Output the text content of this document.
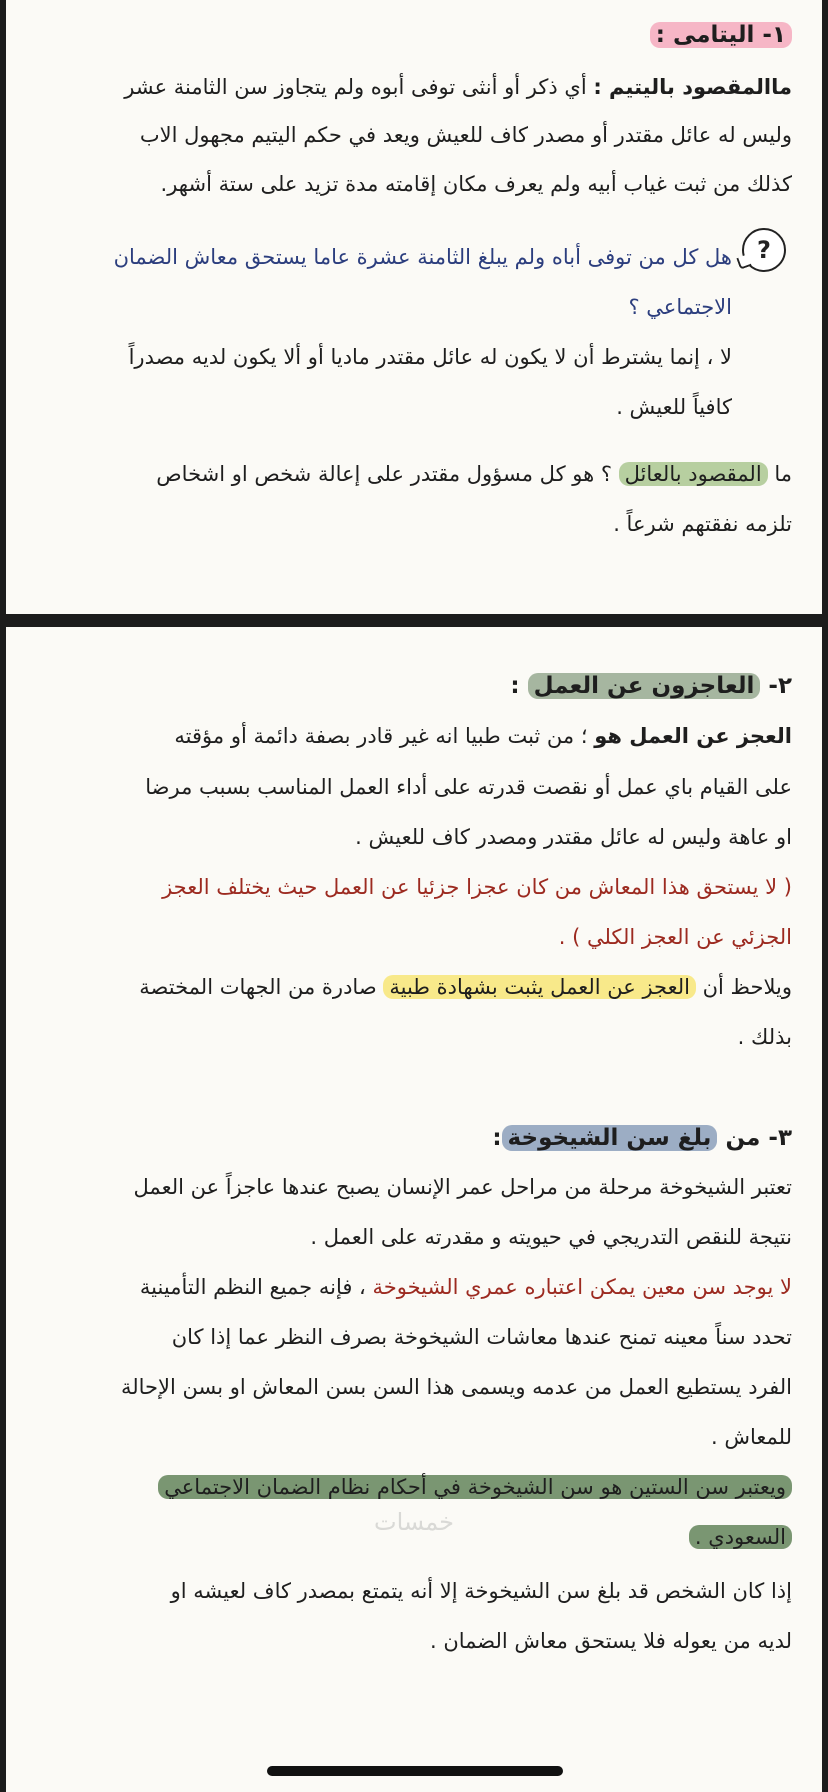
١- اليتامى :
ماالمقصود باليتيم : أي ذكر أو أنثى توفى أبوه ولم يتجاوز سن الثامنة عشر
وليس له عائل مقتدر أو مصدر كاف للعيش ويعد في حكم اليتيم مجهول الاب
كذلك من ثبت غياب أبيه ولم يعرف مكان إقامته مدة تزيد على ستة أشهر.
?
هل كل من توفى أباه ولم يبلغ الثامنة عشرة عاما يستحق معاش الضمان
الاجتماعي ؟
لا ، إنما يشترط أن لا يكون له عائل مقتدر ماديا أو ألا يكون لديه مصدراً
كافياً للعيش .
ما المقصود بالعائل ؟ هو كل مسؤول مقتدر على إعالة شخص او اشخاص
تلزمه نفقتهم شرعاً .
٢- العاجزون عن العمل :
العجز عن العمل هو ؛ من ثبت طبيا انه غير قادر بصفة دائمة أو مؤقته
على القيام باي عمل أو نقصت قدرته على أداء العمل المناسب بسبب مرضا
او عاهة وليس له عائل مقتدر ومصدر كاف للعيش .
( لا يستحق هذا المعاش من كان عجزا جزئيا عن العمل حيث يختلف العجز
الجزئي عن العجز الكلي ) .
ويلاحظ أن العجز عن العمل يثبت بشهادة طبية صادرة من الجهات المختصة
بذلك .
٣- من بلغ سن الشيخوخة:
تعتبر الشيخوخة مرحلة من مراحل عمر الإنسان يصبح عندها عاجزاً عن العمل
نتيجة للنقص التدريجي في حيويته و مقدرته على العمل .
لا يوجد سن معين يمكن اعتباره عمري الشيخوخة ، فإنه جميع النظم التأمينية
تحدد سناً معينه تمنح عندها معاشات الشيخوخة بصرف النظر عما إذا كان
الفرد يستطيع العمل من عدمه ويسمى هذا السن بسن المعاش او بسن الإحالة
للمعاش .
ويعتبر سن الستين هو سن الشيخوخة في أحكام نظام الضمان الاجتماعي
السعودي .
إذا كان الشخص قد بلغ سن الشيخوخة إلا أنه يتمتع بمصدر كاف لعيشه او
لديه من يعوله فلا يستحق معاش الضمان .
خمسات
